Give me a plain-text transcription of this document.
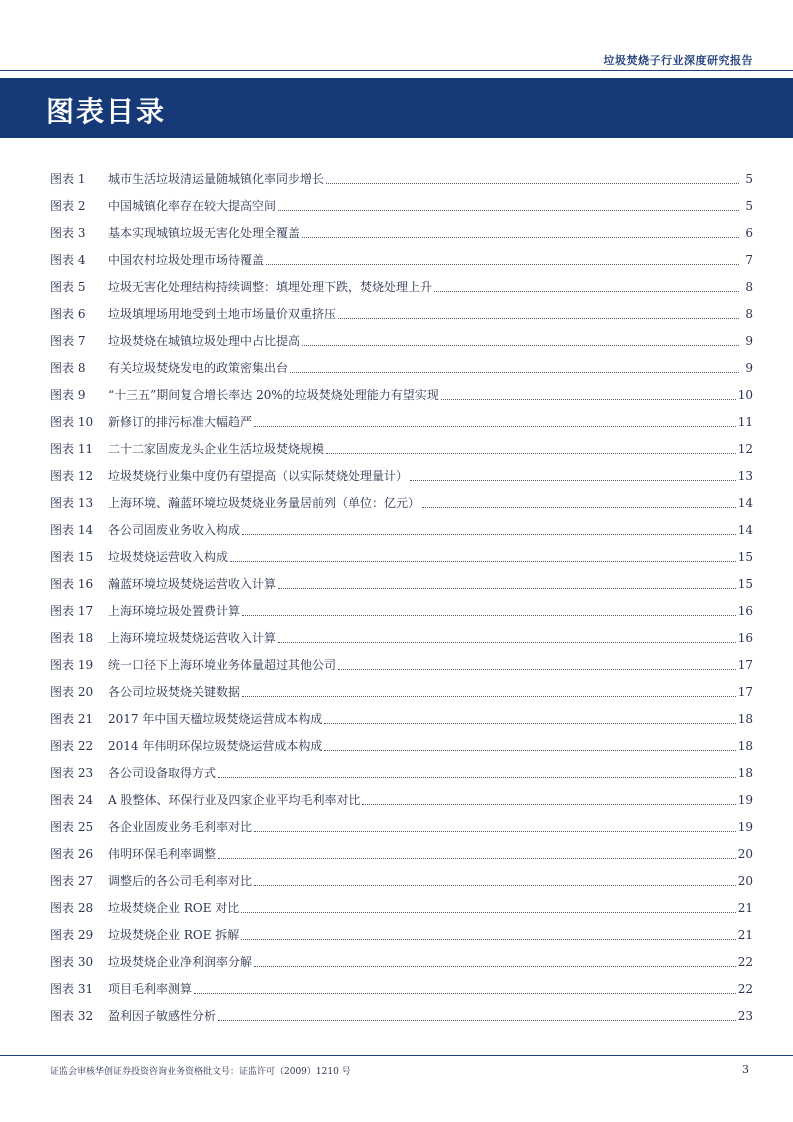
垃圾焚烧子行业深度研究报告
图表目录
图表 1	城市生活垃圾清运量随城镇化率同步增长	5
图表 2	中国城镇化率存在较大提高空间	5
图表 3	基本实现城镇垃圾无害化处理全覆盖	6
图表 4	中国农村垃圾处理市场待覆盖	7
图表 5	垃圾无害化处理结构持续调整：填埋处理下跌，焚烧处理上升	8
图表 6	垃圾填埋场用地受到土地市场量价双重挤压	8
图表 7	垃圾焚烧在城镇垃圾处理中占比提高	9
图表 8	有关垃圾焚烧发电的政策密集出台	9
图表 9	“十三五”期间复合增长率达 20%的垃圾焚烧处理能力有望实现	10
图表 10	新修订的排污标准大幅趋严	11
图表 11	二十二家固废龙头企业生活垃圾焚烧规模	12
图表 12	垃圾焚烧行业集中度仍有望提高（以实际焚烧处理量计）	13
图表 13	上海环境、瀚蓝环境垃圾焚烧业务量居前列（单位：亿元）	14
图表 14	各公司固废业务收入构成	14
图表 15	垃圾焚烧运营收入构成	15
图表 16	瀚蓝环境垃圾焚烧运营收入计算	15
图表 17	上海环境垃圾处置费计算	16
图表 18	上海环境垃圾焚烧运营收入计算	16
图表 19	统一口径下上海环境业务体量超过其他公司	17
图表 20	各公司垃圾焚烧关键数据	17
图表 21	2017 年中国天楹垃圾焚烧运营成本构成	18
图表 22	2014 年伟明环保垃圾焚烧运营成本构成	18
图表 23	各公司设备取得方式	18
图表 24	A 股整体、环保行业及四家企业平均毛利率对比	19
图表 25	各企业固废业务毛利率对比	19
图表 26	伟明环保毛利率调整	20
图表 27	调整后的各公司毛利率对比	20
图表 28	垃圾焚烧企业 ROE 对比	21
图表 29	垃圾焚烧企业 ROE 拆解	21
图表 30	垃圾焚烧企业净利润率分解	22
图表 31	项目毛利率测算	22
图表 32	盈利因子敏感性分析	23
证监会审核华创证券投资咨询业务资格批文号：证监许可（2009）1210 号	3
